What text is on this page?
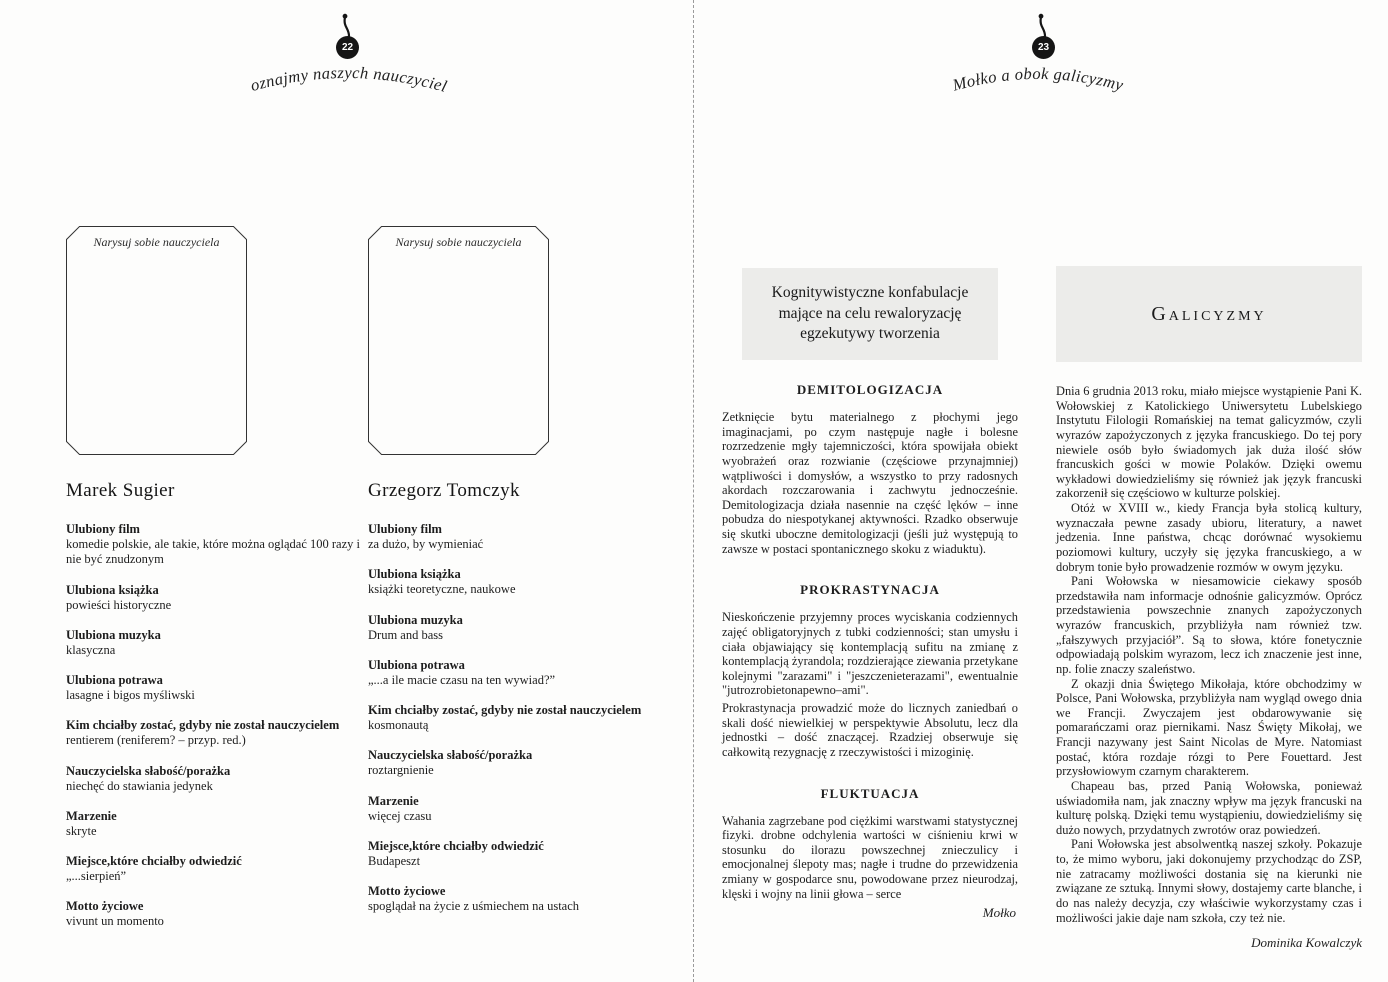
22
poznajmy naszych nauczycieli
Narysuj sobie nauczyciela	Narysuj sobie nauczyciela
Marek Sugier
Ulubiony film
komedie polskie, ale takie, które można oglądać 100 razy i nie być znudzonym
Ulubiona książka
powieści historyczne
Ulubiona muzyka
klasyczna
Ulubiona potrawa
lasagne i bigos myśliwski
Kim chciałby zostać, gdyby nie został nauczycielem
rentierem (reniferem? – przyp. red.)
Nauczycielska słabość/porażka
niechęć do stawiania jedynek
Marzenie
skryte
Miejsce,które chciałby odwiedzić
„...sierpień”
Motto życiowe
vivunt un momento
Grzegorz Tomczyk
Ulubiony film
za dużo, by wymieniać
Ulubiona książka
książki teoretyczne, naukowe
Ulubiona muzyka
Drum and bass
Ulubiona potrawa
„...a ile macie czasu na ten wywiad?”
Kim chciałby zostać, gdyby nie został nauczycielem
kosmonautą
Nauczycielska słabość/porażka
roztargnienie
Marzenie
więcej czasu
Miejsce,które chciałby odwiedzić
Budapeszt
Motto życiowe
spoglądał na życie z uśmiechem na ustach
23
Mołko a obok galicyzmy
Kognitywistyczne konfabulacje mające na celu rewaloryzację egzekutywy tworzenia
DEMITOLOGIZACJA

Zetknięcie bytu materialnego z płochymi jego imaginacjami, po czym następuje nagłe i bolesne rozrzedzenie mgły tajemniczości, która spowijała obiekt wyobrażeń oraz rozwianie (częściowe przynajmniej) wątpliwości i domysłów, a wszystko to przy radosnych akordach rozczarowania i zachwytu jednocześnie. Demitologizacja działa nasennie na część lęków – inne pobudza do niespotykanej aktywności. Rzadko obserwuje się skutki uboczne demitologizacji (jeśli już występują to zawsze w postaci spontanicznego skoku z wiaduktu).

PROKRASTYNACJA

Nieskończenie przyjemny proces wyciskania codziennych zajęć obligatoryjnych z tubki codzienności; stan umysłu i ciała objawiający się kontemplacją sufitu na zmianę z kontemplacją żyrandola; rozdzierające ziewania przetykane kolejnymi "zarazami" i "jeszczenieterazami", ewentualnie "jutrozrobietonapewno–ami".

Prokrastynacja prowadzić może do licznych zaniedbań o skali dość niewielkiej w perspektywie Absolutu, lecz dla jednostki – dość znaczącej. Rzadziej obserwuje się całkowitą rezygnację z rzeczywistości i mizoginię.

FLUKTUACJA

Wahania zagrzebane pod ciężkimi warstwami statystycznej fizyki. drobne odchylenia wartości w ciśnieniu krwi w stosunku do ilorazu powszechnej znieczulicy i emocjonalnej ślepoty mas; nagłe i trudne do przewidzenia zmiany w gospodarce snu, powodowane przez nieurodzaj, klęski i wojny na linii głowa – serce

Mołko
Galicyzmy

Dnia 6 grudnia 2013 roku, miało miejsce wystąpienie Pani K. Wołowskiej z Katolickiego Uniwersytetu Lubelskiego Instytutu Filologii Romańskiej na temat galicyzmów, czyli wyrazów zapożyczonych z języka francuskiego. Do tej pory niewiele osób było świadomych jak duża ilość słów francuskich gości w mowie Polaków. Dzięki owemu wykładowi dowiedzieliśmy się również jak język francuski zakorzenił się częściowo w kulturze polskiej.

Otóż w XVIII w., kiedy Francja była stolicą kultury, wyznaczała pewne zasady ubioru, literatury, a nawet jedzenia. Inne państwa, chcąc dorównać wysokiemu poziomowi kultury, uczyły się języka francuskiego, a w dobrym tonie było prowadzenie rozmów w owym języku.

Pani Wołowska w niesamowicie ciekawy sposób przedstawiła nam informacje odnośnie galicyzmów. Oprócz przedstawienia powszechnie znanych zapożyczonych wyrazów francuskich, przybliżyła nam również tzw. „fałszywych przyjaciół”. Są to słowa, które fonetycznie odpowiadają polskim wyrazom, lecz ich znaczenie jest inne, np. folie znaczy szaleństwo.

Z okazji dnia Świętego Mikołaja, które obchodzimy w Polsce, Pani Wołowska, przybliżyła nam wygląd owego dnia we Francji. Zwyczajem jest obdarowywanie się pomarańczami oraz piernikami. Nasz Święty Mikołaj, we Francji nazywany jest Saint Nicolas de Myre. Natomiast postać, która rozdaje rózgi to Pere Fouettard. Jest przysłowiowym czarnym charakterem.

Chapeau bas, przed Panią Wołowska, ponieważ uświadomiła nam, jak znaczny wpływ ma język francuski na kulturę polską. Dzięki temu wystąpieniu, dowiedzieliśmy się dużo nowych, przydatnych zwrotów oraz powiedzeń.

Pani Wołowska jest absolwentką naszej szkoły. Pokazuje to, że mimo wyboru, jaki dokonujemy przychodząc do ZSP, nie zatracamy możliwości dostania się na kierunki nie związane ze sztuką. Innymi słowy, dostajemy carte blanche, i do nas należy decyzja, czy właściwie wykorzystamy czas i możliwości jakie daje nam szkoła, czy też nie.

Dominika Kowalczyk
